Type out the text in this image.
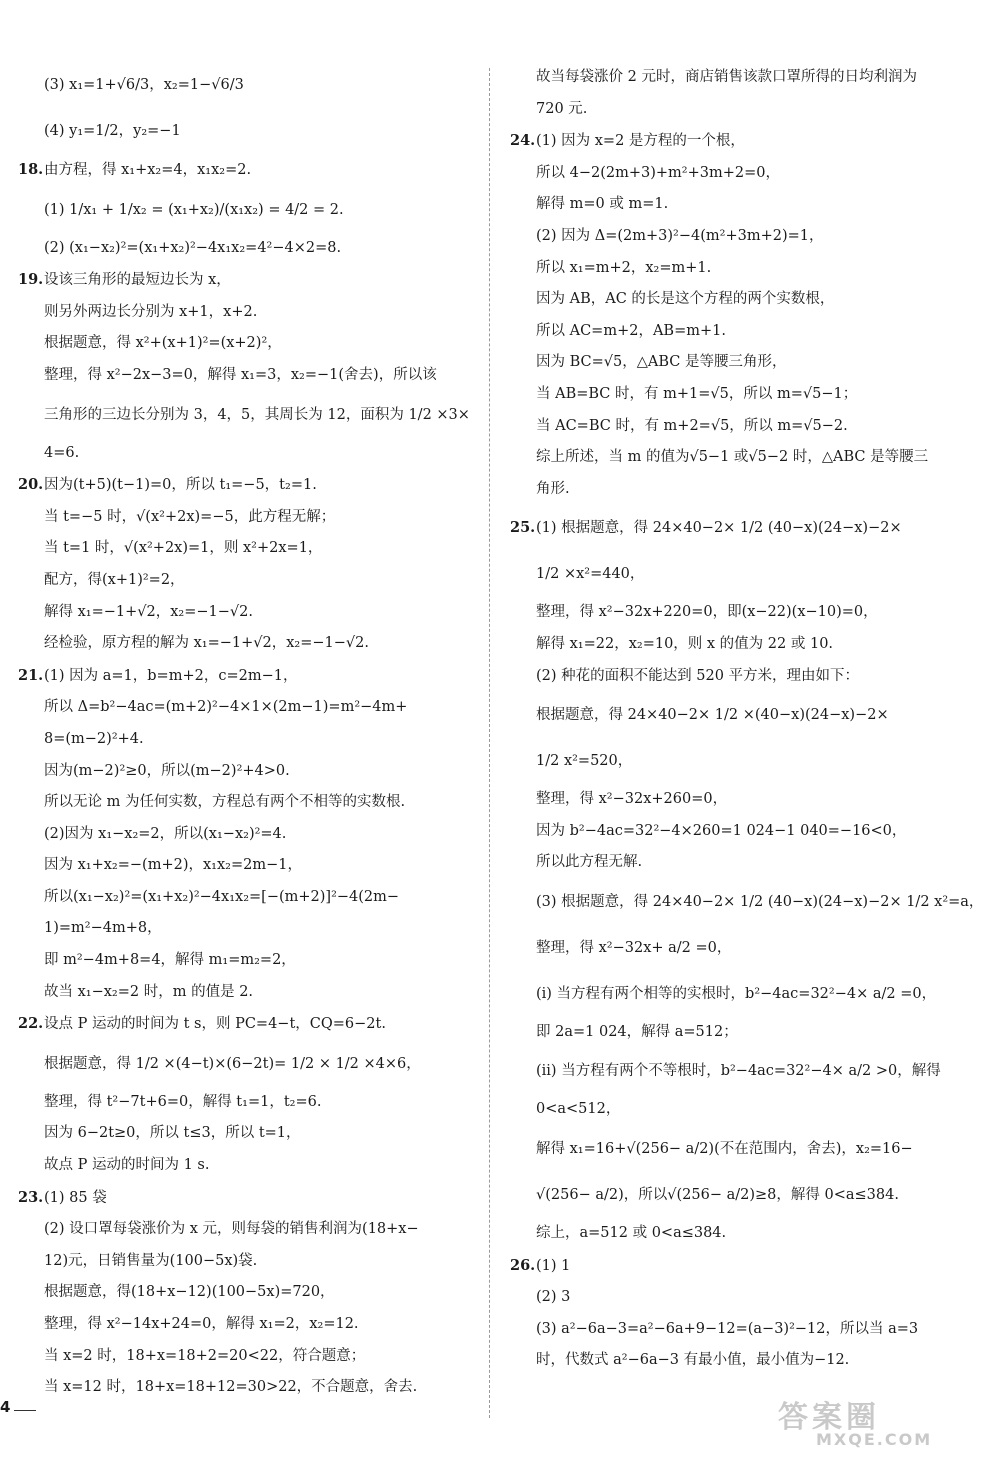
(3) x₁=1+√6/3，x₂=1−√6/3
(4) y₁=1/2，y₂=−1
18.由方程，得 x₁+x₂=4，x₁x₂=2.
(1) 1/x₁ + 1/x₂ = (x₁+x₂)/(x₁x₂) = 4/2 = 2.
(2) (x₁−x₂)²=(x₁+x₂)²−4x₁x₂=4²−4×2=8.
19.设该三角形的最短边长为 x，
则另外两边长分别为 x+1，x+2.
根据题意，得 x²+(x+1)²=(x+2)²，
整理，得 x²−2x−3=0，解得 x₁=3，x₂=−1(舍去)，所以该
三角形的三边长分别为 3，4，5，其周长为 12，面积为 1/2 ×3×
4=6.
20.因为(t+5)(t−1)=0，所以 t₁=−5，t₂=1.
当 t=−5 时，√(x²+2x)=−5，此方程无解；
当 t=1 时，√(x²+2x)=1，则 x²+2x=1，
配方，得(x+1)²=2，
解得 x₁=−1+√2，x₂=−1−√2.
经检验，原方程的解为 x₁=−1+√2，x₂=−1−√2.
21.(1) 因为 a=1，b=m+2，c=2m−1，
所以 Δ=b²−4ac=(m+2)²−4×1×(2m−1)=m²−4m+
8=(m−2)²+4.
因为(m−2)²≥0，所以(m−2)²+4>0.
所以无论 m 为任何实数，方程总有两个不相等的实数根.
(2)因为 x₁−x₂=2，所以(x₁−x₂)²=4.
因为 x₁+x₂=−(m+2)，x₁x₂=2m−1，
所以(x₁−x₂)²=(x₁+x₂)²−4x₁x₂=[−(m+2)]²−4(2m−
1)=m²−4m+8，
即 m²−4m+8=4，解得 m₁=m₂=2，
故当 x₁−x₂=2 时，m 的值是 2.
22.设点 P 运动的时间为 t s，则 PC=4−t，CQ=6−2t.
根据题意，得 1/2 ×(4−t)×(6−2t)= 1/2 × 1/2 ×4×6，
整理，得 t²−7t+6=0，解得 t₁=1，t₂=6.
因为 6−2t≥0，所以 t≤3，所以 t=1，
故点 P 运动的时间为 1 s.
23.(1) 85 袋
(2) 设口罩每袋涨价为 x 元，则每袋的销售利润为(18+x−
12)元，日销售量为(100−5x)袋.
根据题意，得(18+x−12)(100−5x)=720，
整理，得 x²−14x+24=0，解得 x₁=2，x₂=12.
当 x=2 时，18+x=18+2=20<22，符合题意；
当 x=12 时，18+x=18+12=30>22，不合题意，舍去.
故当每袋涨价 2 元时，商店销售该款口罩所得的日均利润为
720 元.
24.(1) 因为 x=2 是方程的一个根，
所以 4−2(2m+3)+m²+3m+2=0，
解得 m=0 或 m=1.
(2) 因为 Δ=(2m+3)²−4(m²+3m+2)=1，
所以 x₁=m+2，x₂=m+1.
因为 AB，AC 的长是这个方程的两个实数根，
所以 AC=m+2，AB=m+1.
因为 BC=√5，△ABC 是等腰三角形，
当 AB=BC 时，有 m+1=√5，所以 m=√5−1；
当 AC=BC 时，有 m+2=√5，所以 m=√5−2.
综上所述，当 m 的值为√5−1 或√5−2 时，△ABC 是等腰三
角形.
25.(1) 根据题意，得 24×40−2× 1/2 (40−x)(24−x)−2×
1/2 ×x²=440，
整理，得 x²−32x+220=0，即(x−22)(x−10)=0，
解得 x₁=22，x₂=10，则 x 的值为 22 或 10.
(2) 种花的面积不能达到 520 平方米，理由如下：
根据题意，得 24×40−2× 1/2 ×(40−x)(24−x)−2×
1/2 x²=520，
整理，得 x²−32x+260=0，
因为 b²−4ac=32²−4×260=1 024−1 040=−16<0，
所以此方程无解.
(3) 根据题意，得 24×40−2× 1/2 (40−x)(24−x)−2× 1/2 x²=a，
整理，得 x²−32x+ a/2 =0，
(i) 当方程有两个相等的实根时，b²−4ac=32²−4× a/2 =0，
即 2a=1 024，解得 a=512；
(ii) 当方程有两个不等根时，b²−4ac=32²−4× a/2 >0，解得
0<a<512，
解得 x₁=16+√(256− a/2)(不在范围内，舍去)，x₂=16−
√(256− a/2)，所以√(256− a/2)≥8，解得 0<a≤384.
综上，a=512 或 0<a≤384.
26.(1) 1
(2) 3
(3) a²−6a−3=a²−6a+9−12=(a−3)²−12，所以当 a=3
时，代数式 a²−6a−3 有最小值，最小值为−12.
4	答案圈
MXQE.COM
